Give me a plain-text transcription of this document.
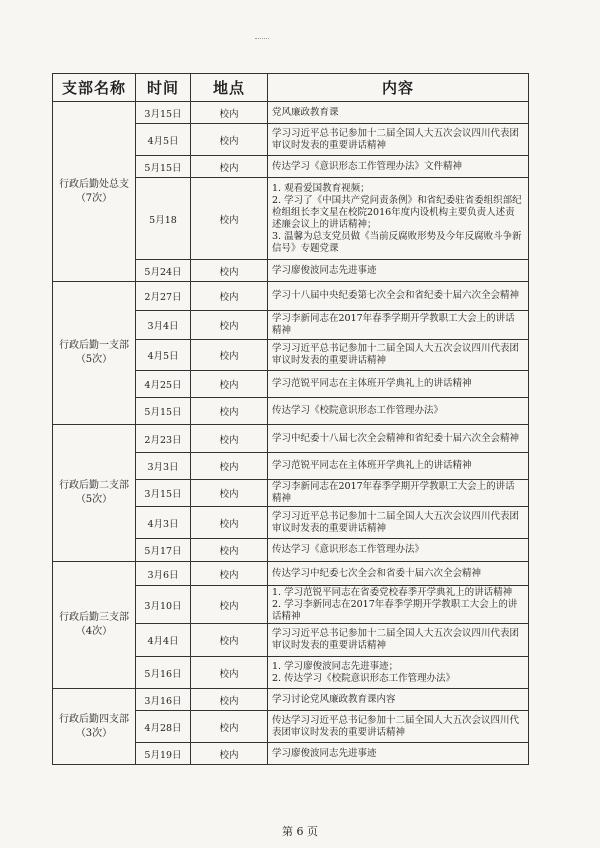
支部名称	时间	地点	内容

行政后勤处总支
（7次）	3月15日	校内	党风廉政教育课
	4月5日	校内	学习习近平总书记参加十二届全国人大五次会议四川代表团审议时发表的重要讲话精神
	5月15日	校内	传达学习《意识形态工作管理办法》文件精神
	5月18	校内	1. 观看爱国教育视频；
2. 学习了《中国共产党问责条例》和省纪委驻省委组织部纪检组组长李文星在校院2016年度内设机构主要负责人述责述廉会议上的讲话精神；
3. 温馨为总支党员做《当前反腐败形势及今年反腐败斗争新信号》专题党课
	5月24日	校内	学习廖俊波同志先进事迹

行政后勤一支部
（5次）	2月27日	校内	学习十八届中央纪委第七次全会和省纪委十届六次全会精神
	3月4日	校内	学习李新同志在2017年春季学期开学教职工大会上的讲话精神
	4月5日	校内	学习习近平总书记参加十二届全国人大五次会议四川代表团审议时发表的重要讲话精神
	4月25日	校内	学习范锐平同志在主体班开学典礼上的讲话精神
	5月15日	校内	传达学习《校院意识形态工作管理办法》

行政后勤二支部
（5次）	2月23日	校内	学习中纪委十八届七次全会精神和省纪委十届六次全会精神
	3月3日	校内	学习范锐平同志在主体班开学典礼上的讲话精神
	3月15日	校内	学习李新同志在2017年春季学期开学教职工大会上的讲话精神
	4月3日	校内	学习习近平总书记参加十二届全国人大五次会议四川代表团审议时发表的重要讲话精神
	5月17日	校内	传达学习《意识形态工作管理办法》

行政后勤三支部
（4次）	3月6日	校内	传达学习中纪委七次全会和省委十届六次全会精神
	3月10日	校内	1. 学习范锐平同志在省委党校春季开学典礼上的讲话精神
2. 学习李新同志在2017年春季学期开学教职工大会上的讲话精神
	4月4日	校内	学习习近平总书记参加十二届全国人大五次会议四川代表团审议时发表的重要讲话精神
	5月16日	校内	1. 学习廖俊波同志先进事迹；
2. 传达学习《校院意识形态工作管理办法》

行政后勤四支部
（3次）	3月16日	校内	学习讨论党风廉政教育课内容
	4月28日	校内	传达学习习近平总书记参加十二届全国人大五次会议四川代表团审议时发表的重要讲话精神
	5月19日	校内	学习廖俊波同志先进事迹
第 6 页
